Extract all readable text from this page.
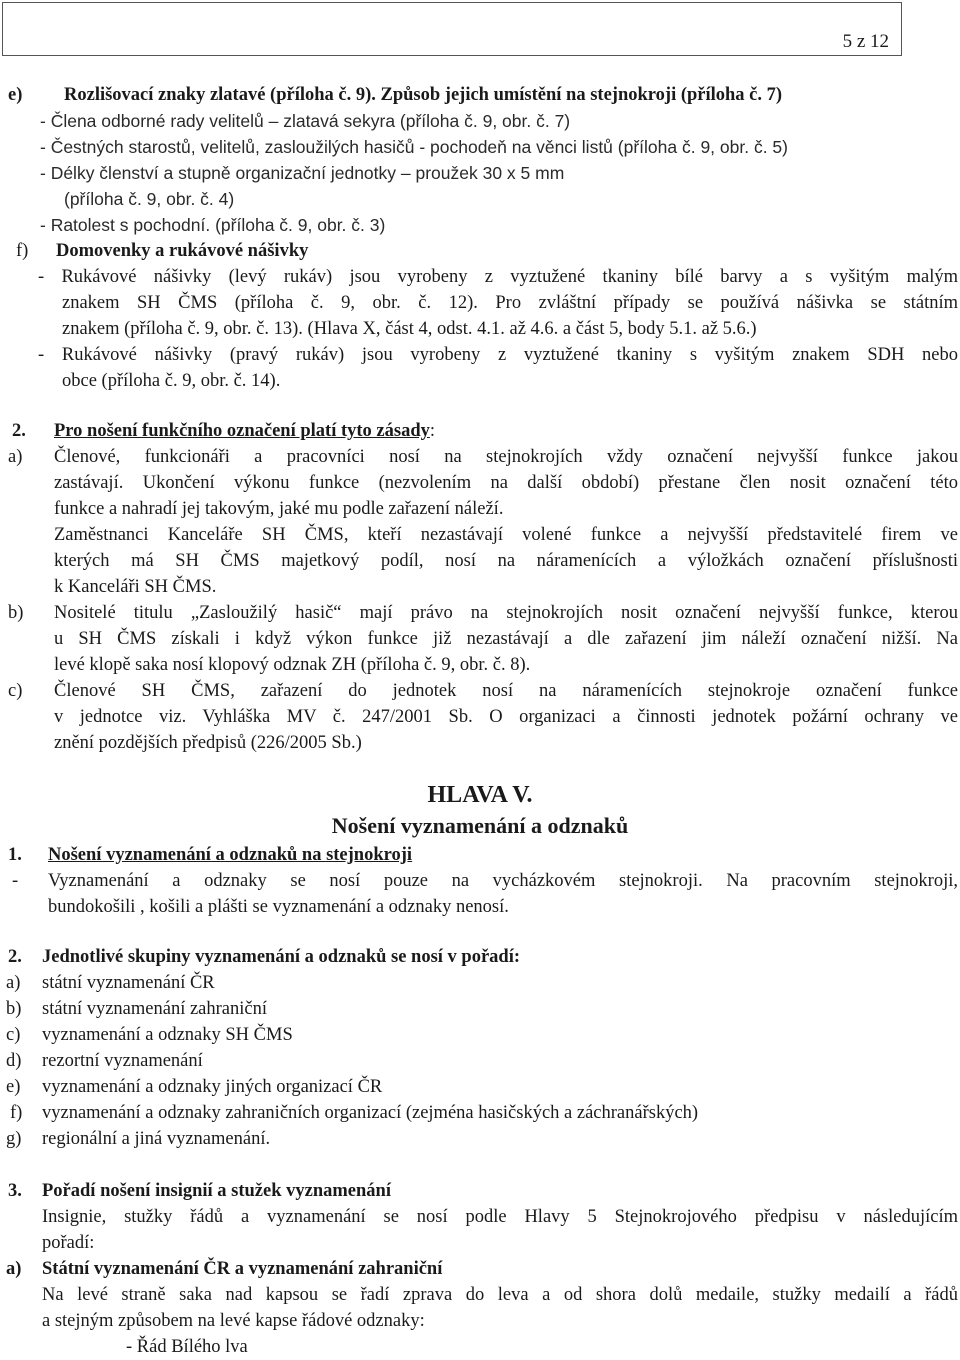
5 z 12
e) Rozlišovací znaky zlatavé (příloha č. 9). Způsob jejich umístění na stejnokroji (příloha č. 7)
- Člena odborné rady velitelů – zlatavá sekyra (příloha č. 9, obr. č. 7)
- Čestných starostů, velitelů, zasloužilých hasičů - pochodeň na věnci listů (příloha č. 9, obr. č. 5)
- Délky členství a stupně organizační jednotky – proužek 30 x 5 mm
(příloha č. 9, obr. č. 4)
- Ratolest s pochodní. (příloha č. 9, obr. č. 3)
f) Domovenky a rukávové nášivky
- Rukávové nášivky (levý rukáv) jsou vyrobeny z vyztužené tkaniny bílé barvy a s vyšitým malým
znakem SH ČMS (příloha č. 9, obr. č. 12). Pro zvláštní případy se používá nášivka se státním
znakem (příloha č. 9, obr. č. 13). (Hlava X, část 4, odst. 4.1. až 4.6. a část 5, body 5.1. až 5.6.)
- Rukávové nášivky (pravý rukáv) jsou vyrobeny z vyztužené tkaniny s vyšitým znakem SDH nebo
obce (příloha č. 9, obr. č. 14).
2. Pro nošení funkčního označení platí tyto zásady:
a) Členové, funkcionáři a pracovníci nosí na stejnokrojích vždy označení nejvyšší funkce jakou
zastávají. Ukončení výkonu funkce (nezvolením na další období) přestane člen nosit označení této
funkce a nahradí jej takovým, jaké mu podle zařazení náleží.
Zaměstnanci Kanceláře SH ČMS, kteří nezastávají volené funkce a nejvyšší představitelé firem ve
kterých má SH ČMS majetkový podíl, nosí na náramenících a výložkách označení příslušnosti
k Kanceláři SH ČMS.
b) Nositelé titulu „Zasloužilý hasič“ mají právo na stejnokrojích nosit označení nejvyšší funkce, kterou
u SH ČMS získali i když výkon funkce již nezastávají a dle zařazení jim náleží označení nižší. Na
levé klopě saka nosí klopový odznak ZH (příloha č. 9, obr. č. 8).
c) Členové SH ČMS, zařazení do jednotek nosí na náramenících stejnokroje označení funkce
v jednotce viz. Vyhláška MV č. 247/2001 Sb. O organizaci a činnosti jednotek požární ochrany ve
znění pozdějších předpisů (226/2005 Sb.)
HLAVA V.
Nošení vyznamenání a odznaků
1. Nošení vyznamenání a odznaků na stejnokroji
- Vyznamenání a odznaky se nosí pouze na vycházkovém stejnokroji. Na pracovním stejnokroji,
bundokošili , košili a plášti se vyznamenání a odznaky nenosí.
2. Jednotlivé skupiny vyznamenání a odznaků se nosí v pořadí:
a) státní vyznamenání ČR
b) státní vyznamenání zahraniční
c) vyznamenání a odznaky SH ČMS
d) rezortní vyznamenání
e) vyznamenání a odznaky jiných organizací ČR
f) vyznamenání a odznaky zahraničních organizací (zejména hasičských a záchranářských)
g) regionální a jiná vyznamenání.
3. Pořadí nošení insignií a stužek vyznamenání
Insignie, stužky řádů a vyznamenání se nosí podle Hlavy 5 Stejnokrojového předpisu v následujícím
pořadí:
a) Státní vyznamenání ČR a vyznamenání zahraniční
Na levé straně saka nad kapsou se řadí zprava do leva a od shora dolů medaile, stužky medailí a řádů
a stejným způsobem na levé kapse řádové odznaky:
- Řád Bílého lva
